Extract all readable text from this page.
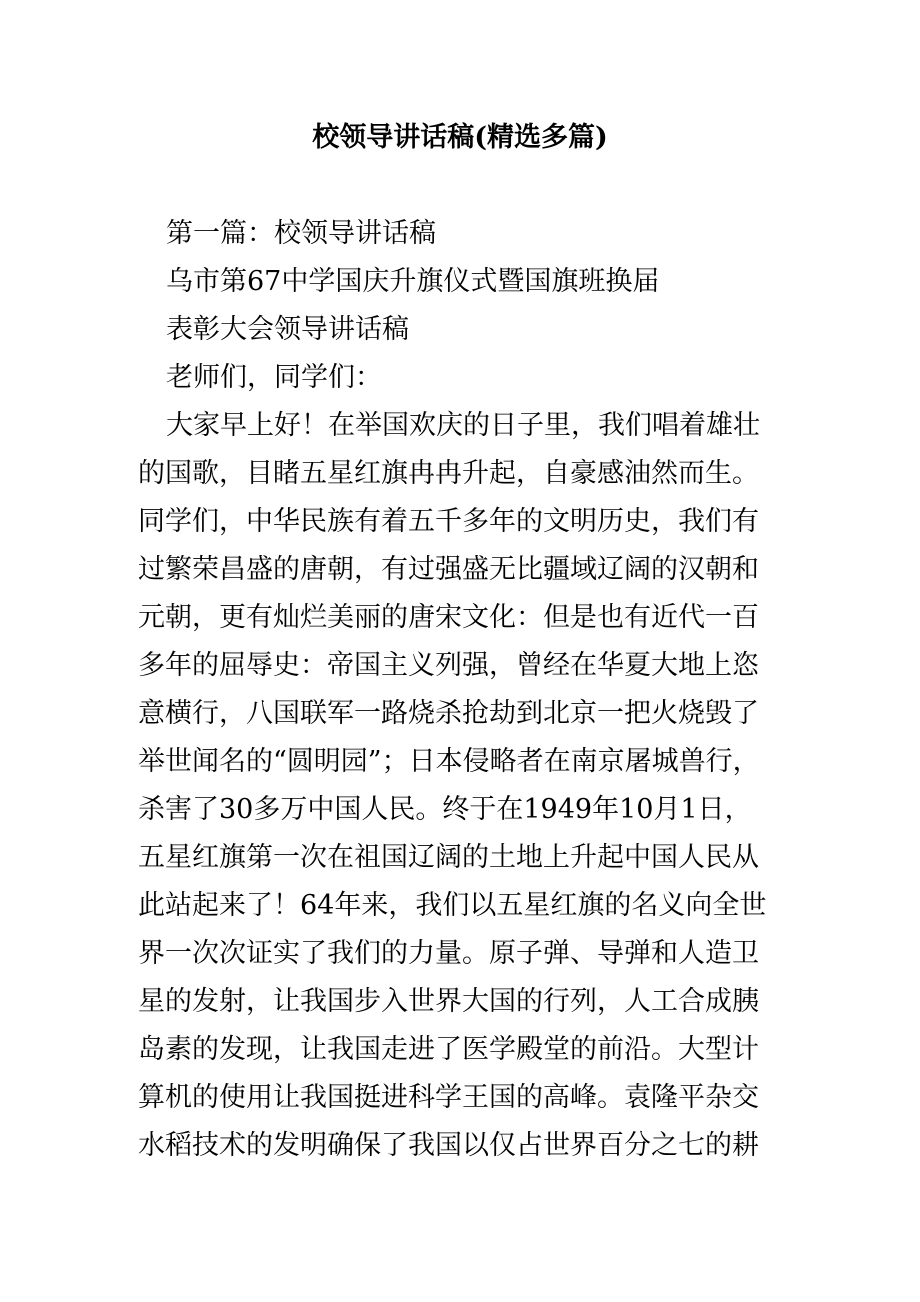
校领导讲话稿(精选多篇)
第一篇：校领导讲话稿
乌市第67中学国庆升旗仪式暨国旗班换届
表彰大会领导讲话稿
老师们，同学们：
大家早上好！在举国欢庆的日子里，我们唱着雄壮
的国歌，目睹五星红旗冉冉升起，自豪感油然而生。
同学们，中华民族有着五千多年的文明历史，我们有
过繁荣昌盛的唐朝，有过强盛无比疆域辽阔的汉朝和
元朝，更有灿烂美丽的唐宋文化：但是也有近代一百
多年的屈辱史：帝国主义列强，曾经在华夏大地上恣
意横行，八国联军一路烧杀抢劫到北京一把火烧毁了
举世闻名的“圆明园”；日本侵略者在南京屠城兽行，
杀害了30多万中国人民。终于在1949年10月1日，
五星红旗第一次在祖国辽阔的土地上升起中国人民从
此站起来了！64年来，我们以五星红旗的名义向全世
界一次次证实了我们的力量。原子弹、导弹和人造卫
星的发射，让我国步入世界大国的行列，人工合成胰
岛素的发现，让我国走进了医学殿堂的前沿。大型计
算机的使用让我国挺进科学王国的高峰。袁隆平杂交
水稻技术的发明确保了我国以仅占世界百分之七的耕
